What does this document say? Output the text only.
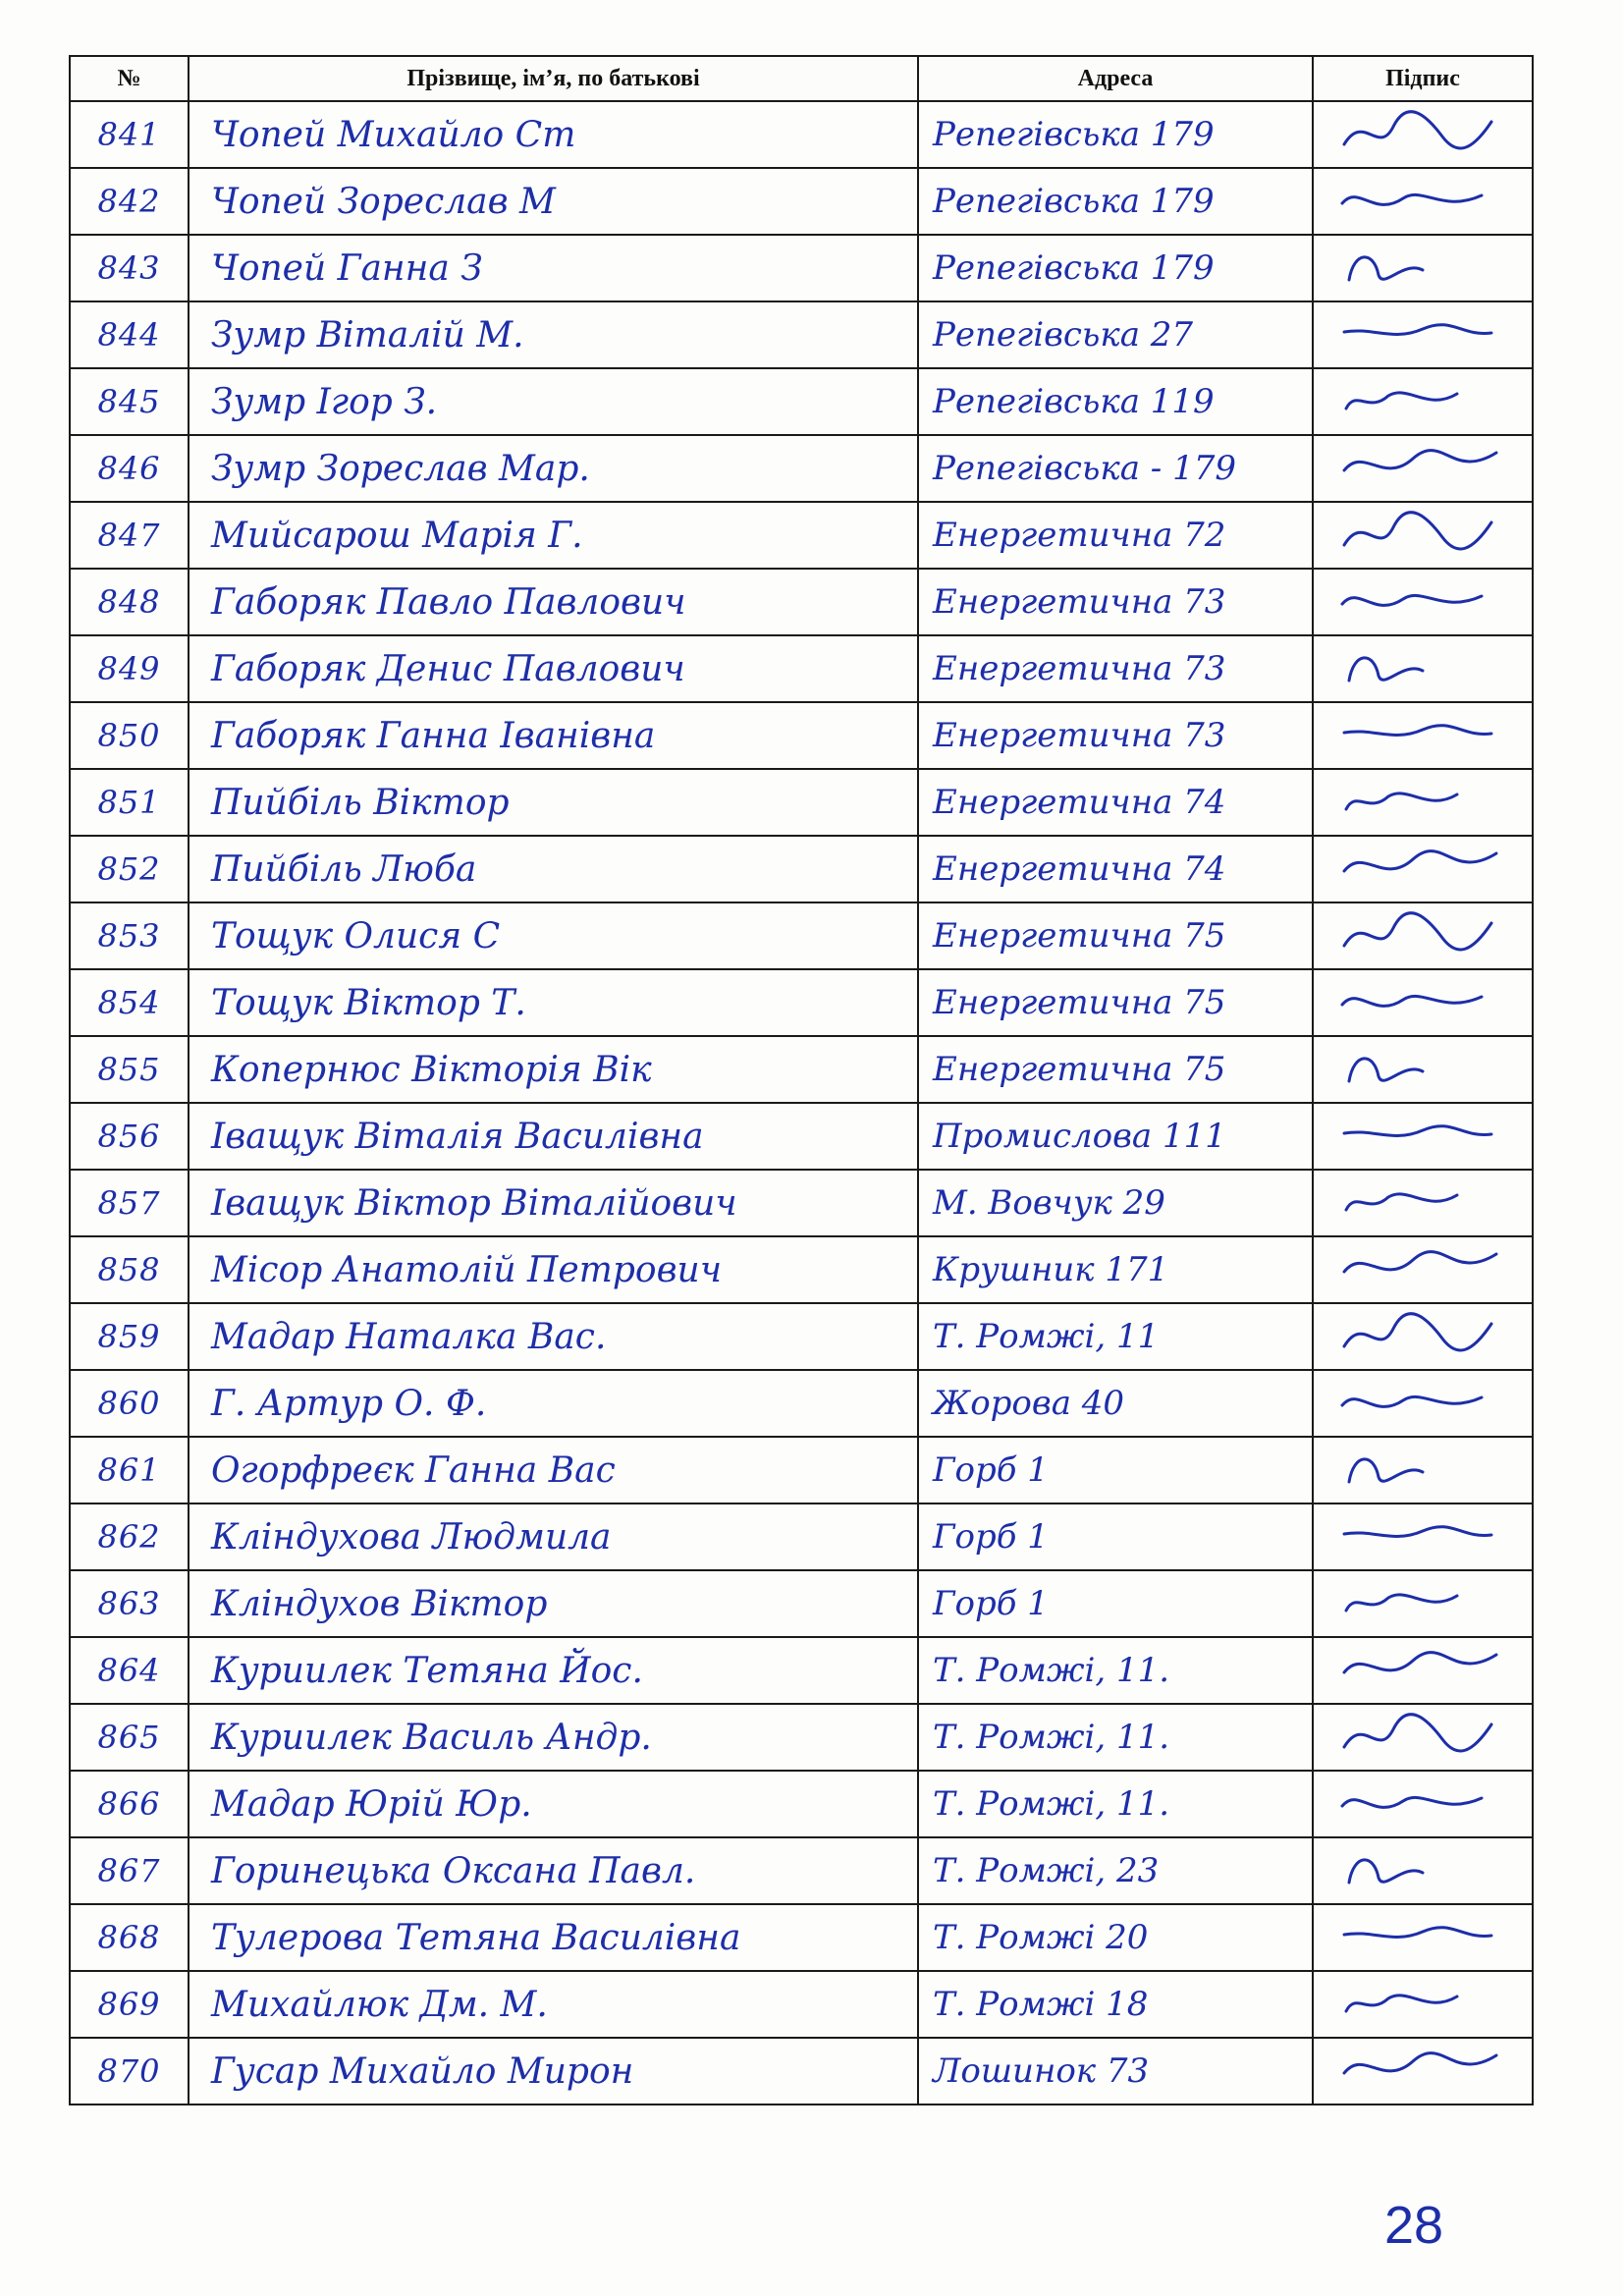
№	Прізвище, ім’я, по батькові	Адреса	Підпис
841	Чопей Михайло Ст	Репегівська 179	

842	Чопей Зореслав М	Репегівська 179	

843	Чопей Ганна З	Репегівська 179	

844	Зумр Віталій М.	Репегівська 27	

845	Зумр Ігор З.	Репегівська 119	

846	Зумр Зореслав Мар.	Репегівська - 179	

847	Мийсарош Марія Г.	Енергетична 72	

848	Габоряк Павло Павлович	Енергетична 73	

849	Габоряк Денис Павлович	Енергетична 73	

850	Габоряк Ганна Іванівна	Енергетична 73	

851	Пийбіль Віктор	Енергетична 74	

852	Пийбіль Люба	Енергетична 74	

853	Тощук Олися С	Енергетична 75	

854	Тощук Віктор Т.	Енергетична 75	

855	Копернюс Вікторія Вік	Енергетична 75	

856	Іващук Віталія Василівна	Промислова 111	

857	Іващук Віктор Віталійович	М. Вовчук 29	

858	Місор Анатолій Петрович	Крушник 171	

859	Мадар Наталка Вас.	Т. Ромжі, 11	

860	Г. Артур О. Ф.	Жорова 40	

861	Огорфреєк Ганна Вас	Горб 1	

862	Кліндухова Людмила	Горб 1	

863	Кліндухов Віктор	Горб 1	

864	Куриилек Тетяна Йос.	Т. Ромжі, 11.	

865	Куриилек Василь Андр.	Т. Ромжі, 11.	

866	Мадар Юрій Юр.	Т. Ромжі, 11.	

867	Горинецька Оксана Павл.	Т. Ромжі, 23	

868	Тулерова Тетяна Василівна	Т. Ромжі 20	

869	Михайлюк Дм. М.	Т. Ромжі 18	

870	Гусар Михайло Мирон	Лошинок 73	
28
